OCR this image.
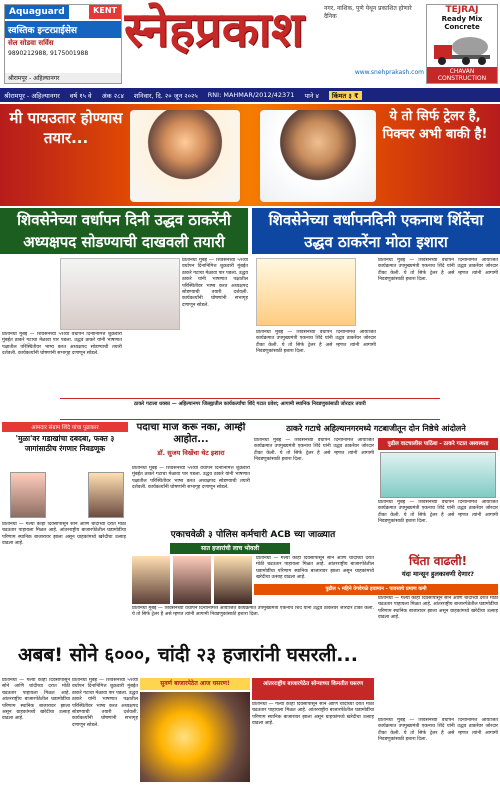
Aquaguard	KENT
स्वस्तिक इन्टरप्राईसेस
सेल सोडवा सर्विस
9890212988, 9175001988
श्रीरामपूर - अहिल्यानगर
स्नेहप्रकाश	नगर, नाशिक, पुणे येथून प्रकाशित होणारे दैनिक
www.snehprakash.com
TEJRAJ
Ready Mix Concrete
CHAVAN CONSTRUCTION
श्रीरामपूर - अहिल्यानगर वर्ष १५ वे अंक २८४ शनिवार, दि. २० जून २०२५ RNI: MAHMAR/2012/42371 पाने ४	किंमत ३ ₹
मी पायउतार होण्यास तयार...
ये तो सिर्फ ट्रेलर है, पिक्चर अभी बाकी है!
शिवसेनेच्या वर्धापन दिनी उद्धव ठाकरेंनी अध्यक्षपद सोडण्याची दाखवली तयारी
शिवसेनेच्या वर्धापनदिनी एकनाथ शिंदेंचा उद्धव ठाकरेंना मोठा इशारा
प्रतिनिधी मुंबई — शिवसेनेच्या ५९व्या वर्धापन दिनानिमित्त शुक्रवारी मुंबईत ठाकरे गटाचा मेळावा पार पडला. उद्धव ठाकरे यांनी भाषणात पक्षातील परिस्थितीवर भाष्य करत अध्यक्षपद सोडण्याची तयारी दर्शवली. कार्यकर्त्यांनी घोषणांनी सभागृह दणाणून सोडले.
प्रतिनिधी मुंबई — शिवसेनेच्या ५९व्या वर्धापन दिनानिमित्त शुक्रवारी मुंबईत ठाकरे गटाचा मेळावा पार पडला. उद्धव ठाकरे यांनी भाषणात पक्षातील परिस्थितीवर भाष्य करत अध्यक्षपद सोडण्याची तयारी दर्शवली. कार्यकर्त्यांनी घोषणांनी सभागृह दणाणून सोडले.
प्रतिनिधी मुंबई — शिवसेनेच्या वर्धापन दिनानिमित्त आयोजित कार्यक्रमात उपमुख्यमंत्री एकनाथ शिंदे यांनी उद्धव ठाकरेंवर जोरदार टीका केली. ये तो सिर्फ ट्रेलर है असे म्हणत त्यांनी आगामी निवडणुकांसाठी इशारा दिला.
प्रतिनिधी मुंबई — शिवसेनेच्या वर्धापन दिनानिमित्त आयोजित कार्यक्रमात उपमुख्यमंत्री एकनाथ शिंदे यांनी उद्धव ठाकरेंवर जोरदार टीका केली. ये तो सिर्फ ट्रेलर है असे म्हणत त्यांनी आगामी निवडणुकांसाठी इशारा दिला.
ठाकरे गटाला धक्का — अहिल्यानगर जिल्ह्यातील कार्यकर्त्यांचा शिंदे गटात प्रवेश; आगामी स्थानिक निवडणुकांसाठी जोरदार तयारी
आमदार संग्राम शिंदे यांचा पुढाकार
'मुळा'वर गडाखांचा दबदबा, फक्त ३ जागांसाठीच रंगणार निवडणूक
प्रतिनिधी — गेल्या काही दिवसांपासून सोने आणि चांदीच्या दरात मोठी चढउतार पाहायला मिळत आहे. आंतरराष्ट्रीय बाजारपेठेतील घडामोडींचा परिणाम स्थानिक बाजारावर झाला असून ग्राहकांमध्ये खरेदीचा उत्साह वाढला आहे.
पदाचा माज करू नका, आम्ही आहोत...
डॉ. सुजय विखेंचा थेट इशारा
प्रतिनिधी मुंबई — शिवसेनेच्या ५९व्या वर्धापन दिनानिमित्त शुक्रवारी मुंबईत ठाकरे गटाचा मेळावा पार पडला. उद्धव ठाकरे यांनी भाषणात पक्षातील परिस्थितीवर भाष्य करत अध्यक्षपद सोडण्याची तयारी दर्शवली. कार्यकर्त्यांनी घोषणांनी सभागृह दणाणून सोडले.
ठाकरे गटाचे अहिल्यानगरमध्ये गटबाजीतून दोन निष्ठेचे आंदोलने
प्रतिनिधी मुंबई — शिवसेनेच्या वर्धापन दिनानिमित्त आयोजित कार्यक्रमात उपमुख्यमंत्री एकनाथ शिंदे यांनी उद्धव ठाकरेंवर जोरदार टीका केली. ये तो सिर्फ ट्रेलर है असे म्हणत त्यांनी आगामी निवडणुकांसाठी इशारा दिला.
पुढील वाटचालीस पाठिंबा - ठाकरे गटात अस्वस्थता
प्रतिनिधी मुंबई — शिवसेनेच्या वर्धापन दिनानिमित्त आयोजित कार्यक्रमात उपमुख्यमंत्री एकनाथ शिंदे यांनी उद्धव ठाकरेंवर जोरदार टीका केली. ये तो सिर्फ ट्रेलर है असे म्हणत त्यांनी आगामी निवडणुकांसाठी इशारा दिला.
एकाचवेळी ३ पोलिस कर्मचारी ACB च्या जाळ्यात
सात हजारांची लाच भोवली
प्रतिनिधी — गेल्या काही दिवसांपासून सोने आणि चांदीच्या दरात मोठी चढउतार पाहायला मिळत आहे. आंतरराष्ट्रीय बाजारपेठेतील घडामोडींचा परिणाम स्थानिक बाजारावर झाला असून ग्राहकांमध्ये खरेदीचा उत्साह वाढला आहे.
प्रतिनिधी मुंबई — शिवसेनेच्या वर्धापन दिनानिमित्त आयोजित कार्यक्रमात उपमुख्यमंत्री एकनाथ शिंदे यांनी उद्धव ठाकरेंवर जोरदार टीका केली. ये तो सिर्फ ट्रेलर है असे म्हणत त्यांनी आगामी निवडणुकांसाठी इशारा दिला.
चिंता वाढली!
यंदा मान्सून हुलकावणी देणार?
पुढील ५ महिने वेगवेगळे हवामान - पावसाचे प्रमाण कमी
प्रतिनिधी — गेल्या काही दिवसांपासून सोने आणि चांदीच्या दरात मोठी चढउतार पाहायला मिळत आहे. आंतरराष्ट्रीय बाजारपेठेतील घडामोडींचा परिणाम स्थानिक बाजारावर झाला असून ग्राहकांमध्ये खरेदीचा उत्साह वाढला आहे.
अबब! सोने ६०००, चांदी २३ हजारांनी घसरली...
सुवर्ण बाजारपेठेत आज घसरण!
प्रतिनिधी — गेल्या काही दिवसांपासून सोने आणि चांदीच्या दरात मोठी चढउतार पाहायला मिळत आहे. आंतरराष्ट्रीय बाजारपेठेतील घडामोडींचा परिणाम स्थानिक बाजारावर झाला असून ग्राहकांमध्ये खरेदीचा उत्साह वाढला आहे.
प्रतिनिधी मुंबई — शिवसेनेच्या ५९व्या वर्धापन दिनानिमित्त शुक्रवारी मुंबईत ठाकरे गटाचा मेळावा पार पडला. उद्धव ठाकरे यांनी भाषणात पक्षातील परिस्थितीवर भाष्य करत अध्यक्षपद सोडण्याची तयारी दर्शवली. कार्यकर्त्यांनी घोषणांनी सभागृह दणाणून सोडले.
आंतरराष्ट्रीय बाजारपेठेत सोन्याच्या किमतीत घसरण
प्रतिनिधी — गेल्या काही दिवसांपासून सोने आणि चांदीच्या दरात मोठी चढउतार पाहायला मिळत आहे. आंतरराष्ट्रीय बाजारपेठेतील घडामोडींचा परिणाम स्थानिक बाजारावर झाला असून ग्राहकांमध्ये खरेदीचा उत्साह वाढला आहे.
प्रतिनिधी मुंबई — शिवसेनेच्या वर्धापन दिनानिमित्त आयोजित कार्यक्रमात उपमुख्यमंत्री एकनाथ शिंदे यांनी उद्धव ठाकरेंवर जोरदार टीका केली. ये तो सिर्फ ट्रेलर है असे म्हणत त्यांनी आगामी निवडणुकांसाठी इशारा दिला.
